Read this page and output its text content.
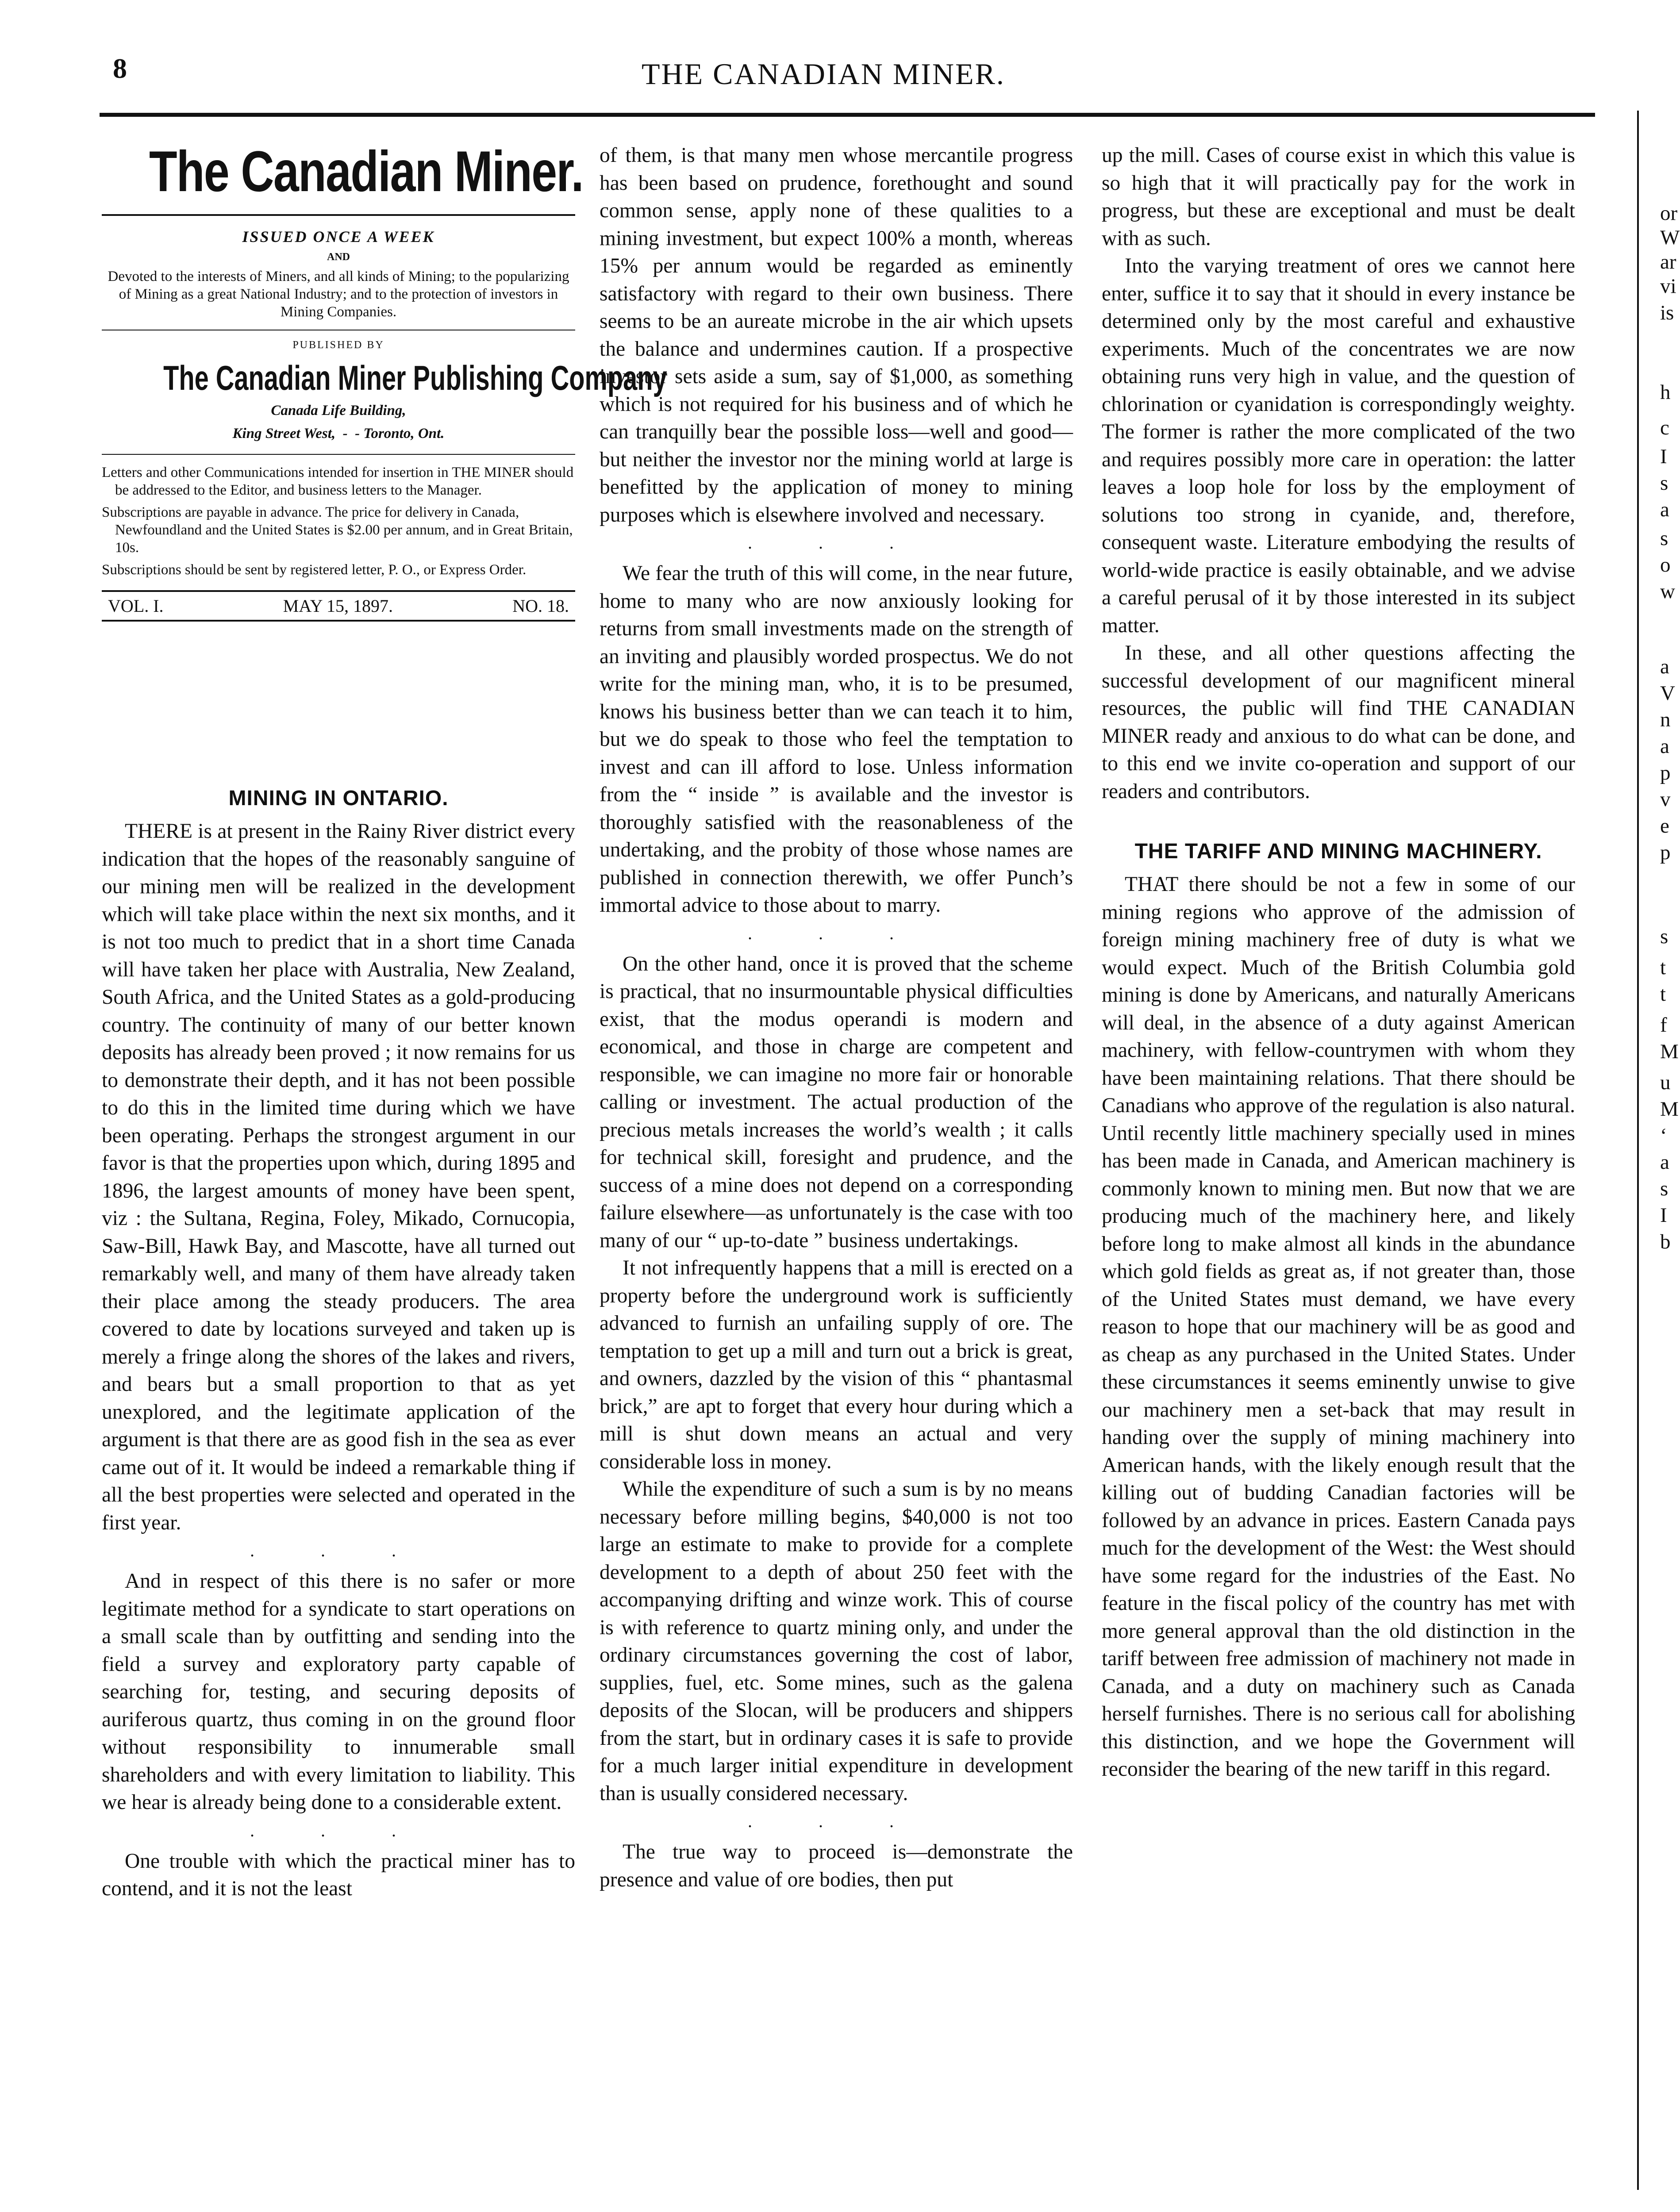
8	THE CANADIAN MINER.
The Canadian Miner.
ISSUED ONCE A WEEK
AND
Devoted to the interests of Miners, and all kinds of Mining; to the popularizing of Mining as a great National Industry; and to the protection of investors in Mining Companies.
PUBLISHED BY
The Canadian Miner Publishing Company
Canada Life Building,
King Street West,  -  - Toronto, Ont.
Letters and other Communications intended for insertion in THE MINER should be addressed to the Editor, and business letters to the Manager.
Subscriptions are payable in advance. The price for delivery in Canada, Newfoundland and the United States is $2.00 per annum, and in Great Britain, 10s.
Subscriptions should be sent by registered letter, P. O., or Express Order.
VOL. I.	MAY 15, 1897.	NO. 18.
MINING IN ONTARIO.

THERE is at present in the Rainy River district every indication that the hopes of the reasonably sanguine of our mining men will be realized in the development which will take place within the next six months, and it is not too much to predict that in a short time Canada will have taken her place with Australia, New Zealand, South Africa, and the United States as a gold-producing country. The continuity of many of our better known deposits has already been proved ; it now remains for us to demonstrate their depth, and it has not been possible to do this in the limited time during which we have been operating. Perhaps the strongest argument in our favor is that the properties upon which, during 1895 and 1896, the largest amounts of money have been spent, viz : the Sultana, Regina, Foley, Mikado, Cornucopia, Saw-Bill, Hawk Bay, and Mascotte, have all turned out remarkably well, and many of them have already taken their place among the steady producers. The area covered to date by locations surveyed and taken up is merely a fringe along the shores of the lakes and rivers, and bears but a small proportion to that as yet unexplored, and the legitimate application of the argument is that there are as good fish in the sea as ever came out of it. It would be indeed a remarkable thing if all the best properties were selected and operated in the first year.

. . .

And in respect of this there is no safer or more legitimate method for a syndicate to start operations on a small scale than by outfitting and sending into the field a survey and exploratory party capable of searching for, testing, and securing deposits of auriferous quartz, thus coming in on the ground floor without responsibility to innumerable small shareholders and with every limitation to liability. This we hear is already being done to a considerable extent.

. . .

One trouble with which the practical miner has to contend, and it is not the least

of them, is that many men whose mercantile progress has been based on prudence, forethought and sound common sense, apply none of these qualities to a mining investment, but expect 100% a month, whereas 15% per annum would be regarded as eminently satisfactory with regard to their own business. There seems to be an aureate microbe in the air which upsets the balance and undermines caution. If a prospective investor sets aside a sum, say of $1,000, as something which is not required for his business and of which he can tranquilly bear the possible loss—well and good—but neither the investor nor the mining world at large is benefitted by the application of money to mining purposes which is elsewhere involved and necessary.

. . .

We fear the truth of this will come, in the near future, home to many who are now anxiously looking for returns from small investments made on the strength of an inviting and plausibly worded prospectus. We do not write for the mining man, who, it is to be presumed, knows his business better than we can teach it to him, but we do speak to those who feel the temptation to invest and can ill afford to lose. Unless information from the “ inside ” is available and the investor is thoroughly satisfied with the reasonableness of the undertaking, and the probity of those whose names are published in connection therewith, we offer Punch’s immortal advice to those about to marry.

. . .

On the other hand, once it is proved that the scheme is practical, that no insurmountable physical difficulties exist, that the modus operandi is modern and economical, and those in charge are competent and responsible, we can imagine no more fair or honorable calling or investment. The actual production of the precious metals increases the world’s wealth ; it calls for technical skill, foresight and prudence, and the success of a mine does not depend on a corresponding failure elsewhere—as unfortunately is the case with too many of our “ up-to-date ” business undertakings.

It not infrequently happens that a mill is erected on a property before the underground work is sufficiently advanced to furnish an unfailing supply of ore. The temptation to get up a mill and turn out a brick is great, and owners, dazzled by the vision of this “ phantasmal brick,” are apt to forget that every hour during which a mill is shut down means an actual and very considerable loss in money.

While the expenditure of such a sum is by no means necessary before milling begins, $40,000 is not too large an estimate to make to provide for a complete development to a depth of about 250 feet with the accompanying drifting and winze work. This of course is with reference to quartz mining only, and under the ordinary circumstances governing the cost of labor, supplies, fuel, etc. Some mines, such as the galena deposits of the Slocan, will be producers and shippers from the start, but in ordinary cases it is safe to provide for a much larger initial expenditure in development than is usually considered necessary.

. . .

The true way to proceed is—demonstrate the presence and value of ore bodies, then put

up the mill. Cases of course exist in which this value is so high that it will practically pay for the work in progress, but these are exceptional and must be dealt with as such.

Into the varying treatment of ores we cannot here enter, suffice it to say that it should in every instance be determined only by the most careful and exhaustive experiments. Much of the concentrates we are now obtaining runs very high in value, and the question of chlorination or cyanidation is correspondingly weighty. The former is rather the more complicated of the two and requires possibly more care in operation: the latter leaves a loop hole for loss by the employment of solutions too strong in cyanide, and, therefore, consequent waste. Literature embodying the results of world-wide practice is easily obtainable, and we advise a careful perusal of it by those interested in its subject matter.

In these, and all other questions affecting the successful development of our magnificent mineral resources, the public will find THE CANADIAN MINER ready and anxious to do what can be done, and to this end we invite co-operation and support of our readers and contributors.

THE TARIFF AND MINING MACHINERY.

THAT there should be not a few in some of our mining regions who approve of the admission of foreign mining machinery free of duty is what we would expect. Much of the British Columbia gold mining is done by Americans, and naturally Americans will deal, in the absence of a duty against American machinery, with fellow-countrymen with whom they have been maintaining relations. That there should be Canadians who approve of the regulation is also natural. Until recently little machinery specially used in mines has been made in Canada, and American machinery is commonly known to mining men. But now that we are producing much of the machinery here, and likely before long to make almost all kinds in the abundance which gold fields as great as, if not greater than, those of the United States must demand, we have every reason to hope that our machinery will be as good and as cheap as any purchased in the United States. Under these circumstances it seems eminently unwise to give our machinery men a set-back that may result in handing over the supply of mining machinery into American hands, with the likely enough result that the killing out of budding Canadian factories will be followed by an advance in prices. Eastern Canada pays much for the development of the West: the West should have some regard for the industries of the East. No feature in the fiscal policy of the country has met with more general approval than the old distinction in the tariff between free admission of machinery not made in Canada, and a duty on machinery such as Canada herself furnishes. There is no serious call for abolishing this distinction, and we hope the Government will reconsider the bearing of the new tariff in this regard.

or
W
ar
vi
is
h
c
I
s
a
s
o
w
a
V
n
a
p
v
e
p
s
t
t
f
M
u
M
‘
a
s
I
b
